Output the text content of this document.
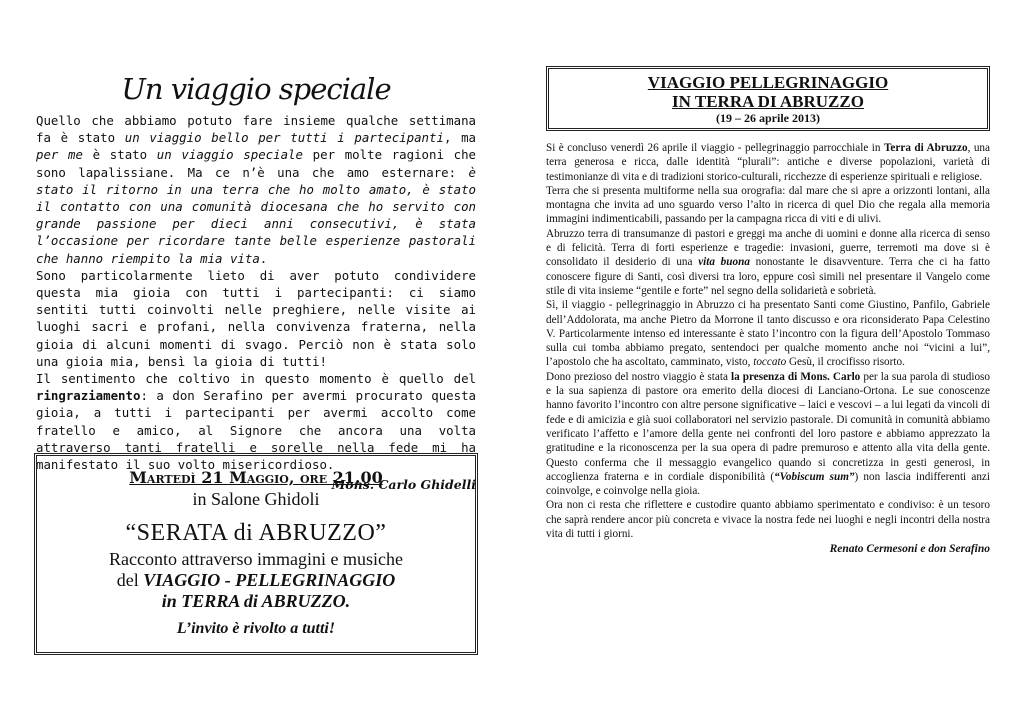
Un viaggio speciale

Quello che abbiamo potuto fare insieme qualche settimana fa è stato un viaggio bello per tutti i partecipanti, ma per me è stato un viaggio speciale per molte ragioni che sono lapalissiane. Ma ce n’è una che amo esternare: è stato il ritorno in una terra che ho molto amato, è stato il contatto con una comunità diocesana che ho servito con grande passione per dieci anni consecutivi, è stata l’occasione per ricordare tante belle esperienze pastorali che hanno riempito la mia vita.

Sono particolarmente lieto di aver potuto condividere questa mia gioia con tutti i partecipanti: ci siamo sentiti tutti coinvolti nelle preghiere, nelle visite ai luoghi sacri e profani, nella convivenza fraterna, nella gioia di alcuni momenti di svago. Perciò non è stata solo una gioia mia, bensì la gioia di tutti!

Il sentimento che coltivo in questo momento è quello del ringraziamento: a don Serafino per avermi procurato questa gioia, a tutti i partecipanti per avermi accolto come fratello e amico, al Signore che ancora una volta attraverso tanti fratelli e sorelle nella fede mi ha manifestato il suo volto misericordioso.

Mons. Carlo Ghidelli
Martedì 21 Maggio, ore 21.00
in Salone Ghidoli
“SERATA di ABRUZZO”
Racconto attraverso immagini e musiche
del VIAGGIO - PELLEGRINAGGIO
in TERRA di ABRUZZO.
L’invito è rivolto a tutti!
VIAGGIO PELLEGRINAGGIO
IN TERRA DI ABRUZZO
(19 – 26 aprile 2013)

Si è concluso venerdì 26 aprile il viaggio - pellegrinaggio parrocchiale in Terra di Abruzzo, una terra generosa e ricca, dalle identità “plurali”: antiche e diverse popolazioni, varietà di testimonianze di vita e di tradizioni storico-culturali, ricchezze di esperienze spirituali e religiose.

Terra che si presenta multiforme nella sua orografia: dal mare che si apre a orizzonti lontani, alla montagna che invita ad uno sguardo verso l’alto in ricerca di quel Dio che regala alla memoria immagini indimenticabili, passando per la campagna ricca di viti e di ulivi.

Abruzzo terra di transumanze di pastori e greggi ma anche di uomini e donne alla ricerca di senso e di felicità. Terra di forti esperienze e tragedie: invasioni, guerre, terremoti ma dove si è consolidato il desiderio di una vita buona nonostante le disavventure. Terra che ci ha fatto conoscere figure di Santi, così diversi tra loro, eppure così simili nel presentare il Vangelo come stile di vita insieme “gentile e forte” nel segno della solidarietà e sobrietà.

Sì, il viaggio - pellegrinaggio in Abruzzo ci ha presentato Santi come Giustino, Panfilo, Gabriele dell’Addolorata, ma anche Pietro da Morrone il tanto discusso e ora riconsiderato Papa Celestino V. Particolarmente intenso ed interessante è stato l’incontro con la figura dell’Apostolo Tommaso sulla cui tomba abbiamo pregato, sentendoci per qualche momento anche noi “vicini a lui”, l’apostolo che ha ascoltato, camminato, visto, toccato Gesù, il crocifisso risorto.

Dono prezioso del nostro viaggio è stata la presenza di Mons. Carlo per la sua parola di studioso e la sua sapienza di pastore ora emerito della diocesi di Lanciano-Ortona. Le sue conoscenze hanno favorito l’incontro con altre persone significative – laici e vescovi – a lui legati da vincoli di fede e di amicizia e già suoi collaboratori nel servizio pastorale. Di comunità in comunità abbiamo verificato l’affetto e l’amore della gente nei confronti del loro pastore e abbiamo apprezzato la gratitudine e la riconoscenza per la sua opera di padre premuroso e attento alla vita della gente. Questo conferma che il messaggio evangelico quando si concretizza in gesti generosi, in accoglienza fraterna e in cordiale disponibilità (“Vobiscum sum”) non lascia indifferenti anzi coinvolge, e coinvolge nella gioia.

Ora non ci resta che riflettere e custodire quanto abbiamo sperimentato e condiviso: è un tesoro che saprà rendere ancor più concreta e vivace la nostra fede nei luoghi e negli incontri della nostra vita di tutti i giorni.

Renato Cermesoni e don Serafino
